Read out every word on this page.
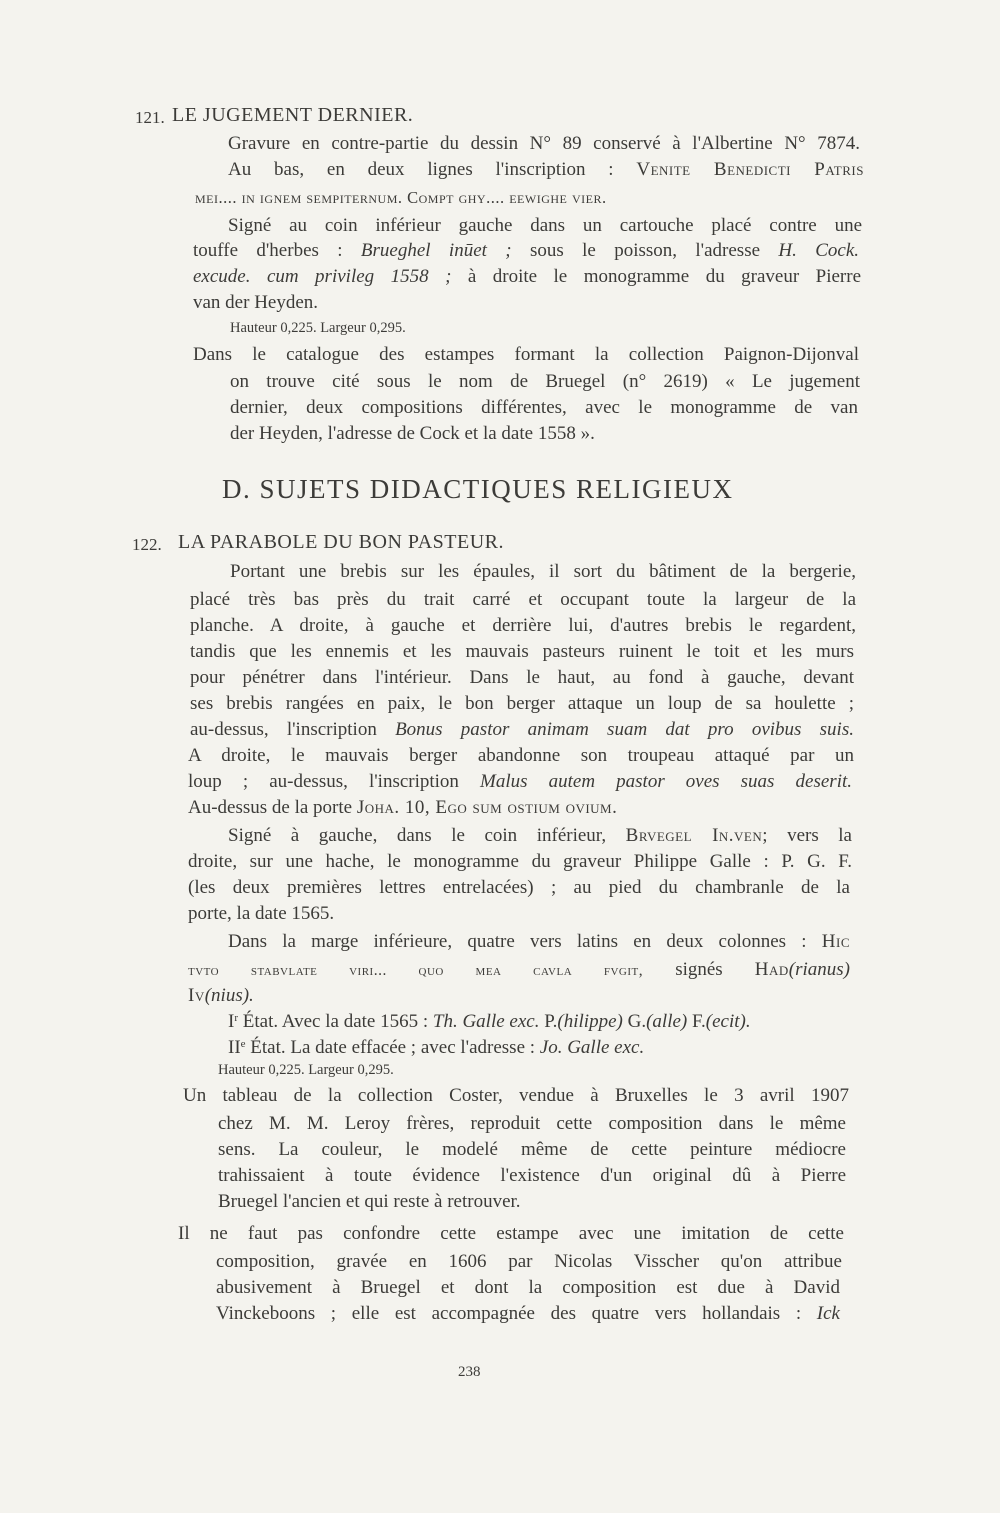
121. LE JUGEMENT DERNIER.
Gravure en contre-partie du dessin N° 89 conservé à l'Albertine N° 7874.
Au bas, en deux lignes l'inscription : Venite Benedicti Patris
mei.... in ignem sempiternum. Compt ghy.... eewighe vier.
Signé au coin inférieur gauche dans un cartouche placé contre une
touffe d'herbes : Brueghel inūet ; sous le poisson, l'adresse H. Cock.
excude. cum privileg 1558 ; à droite le monogramme du graveur Pierre
van der Heyden.
Hauteur 0,225. Largeur 0,295.
Dans le catalogue des estampes formant la collection Paignon-Dijonval
on trouve cité sous le nom de Bruegel (n° 2619) « Le jugement
dernier, deux compositions différentes, avec le monogramme de van
der Heyden, l'adresse de Cock et la date 1558 ».
D. SUJETS DIDACTIQUES RELIGIEUX
122. LA PARABOLE DU BON PASTEUR.
Portant une brebis sur les épaules, il sort du bâtiment de la bergerie,
placé très bas près du trait carré et occupant toute la largeur de la
planche. A droite, à gauche et derrière lui, d'autres brebis le regardent,
tandis que les ennemis et les mauvais pasteurs ruinent le toit et les murs
pour pénétrer dans l'intérieur. Dans le haut, au fond à gauche, devant
ses brebis rangées en paix, le bon berger attaque un loup de sa houlette ;
au-dessus, l'inscription Bonus pastor animam suam dat pro ovibus suis.
A droite, le mauvais berger abandonne son troupeau attaqué par un
loup ; au-dessus, l'inscription Malus autem pastor oves suas deserit.
Au-dessus de la porte Joha. 10, Ego sum ostium ovium.
Signé à gauche, dans le coin inférieur, Brvegel In.ven; vers la
droite, sur une hache, le monogramme du graveur Philippe Galle : P. G. F.
(les deux premières lettres entrelacées) ; au pied du chambranle de la
porte, la date 1565.
Dans la marge inférieure, quatre vers latins en deux colonnes : Hic
tvto stabvlate viri... quo mea cavla fvgit, signés Had(rianus)
Iv(nius).
$I^r$ État. Avec la date 1565 : Th. Galle exc. P.(hilippe) G.(alle) F.(ecit).
IIe État. La date effacée ; avec l'adresse : Jo. Galle exc.
Hauteur 0,225. Largeur 0,295.
Un tableau de la collection Coster, vendue à Bruxelles le 3 avril 1907
chez M. M. Leroy frères, reproduit cette composition dans le même
sens. La couleur, le modelé même de cette peinture médiocre
trahissaient à toute évidence l'existence d'un original dû à Pierre
Bruegel l'ancien et qui reste à retrouver.
Il ne faut pas confondre cette estampe avec une imitation de cette
composition, gravée en 1606 par Nicolas Visscher qu'on attribue
abusivement à Bruegel et dont la composition est due à David
Vinckeboons ; elle est accompagnée des quatre vers hollandais : Ick
238
